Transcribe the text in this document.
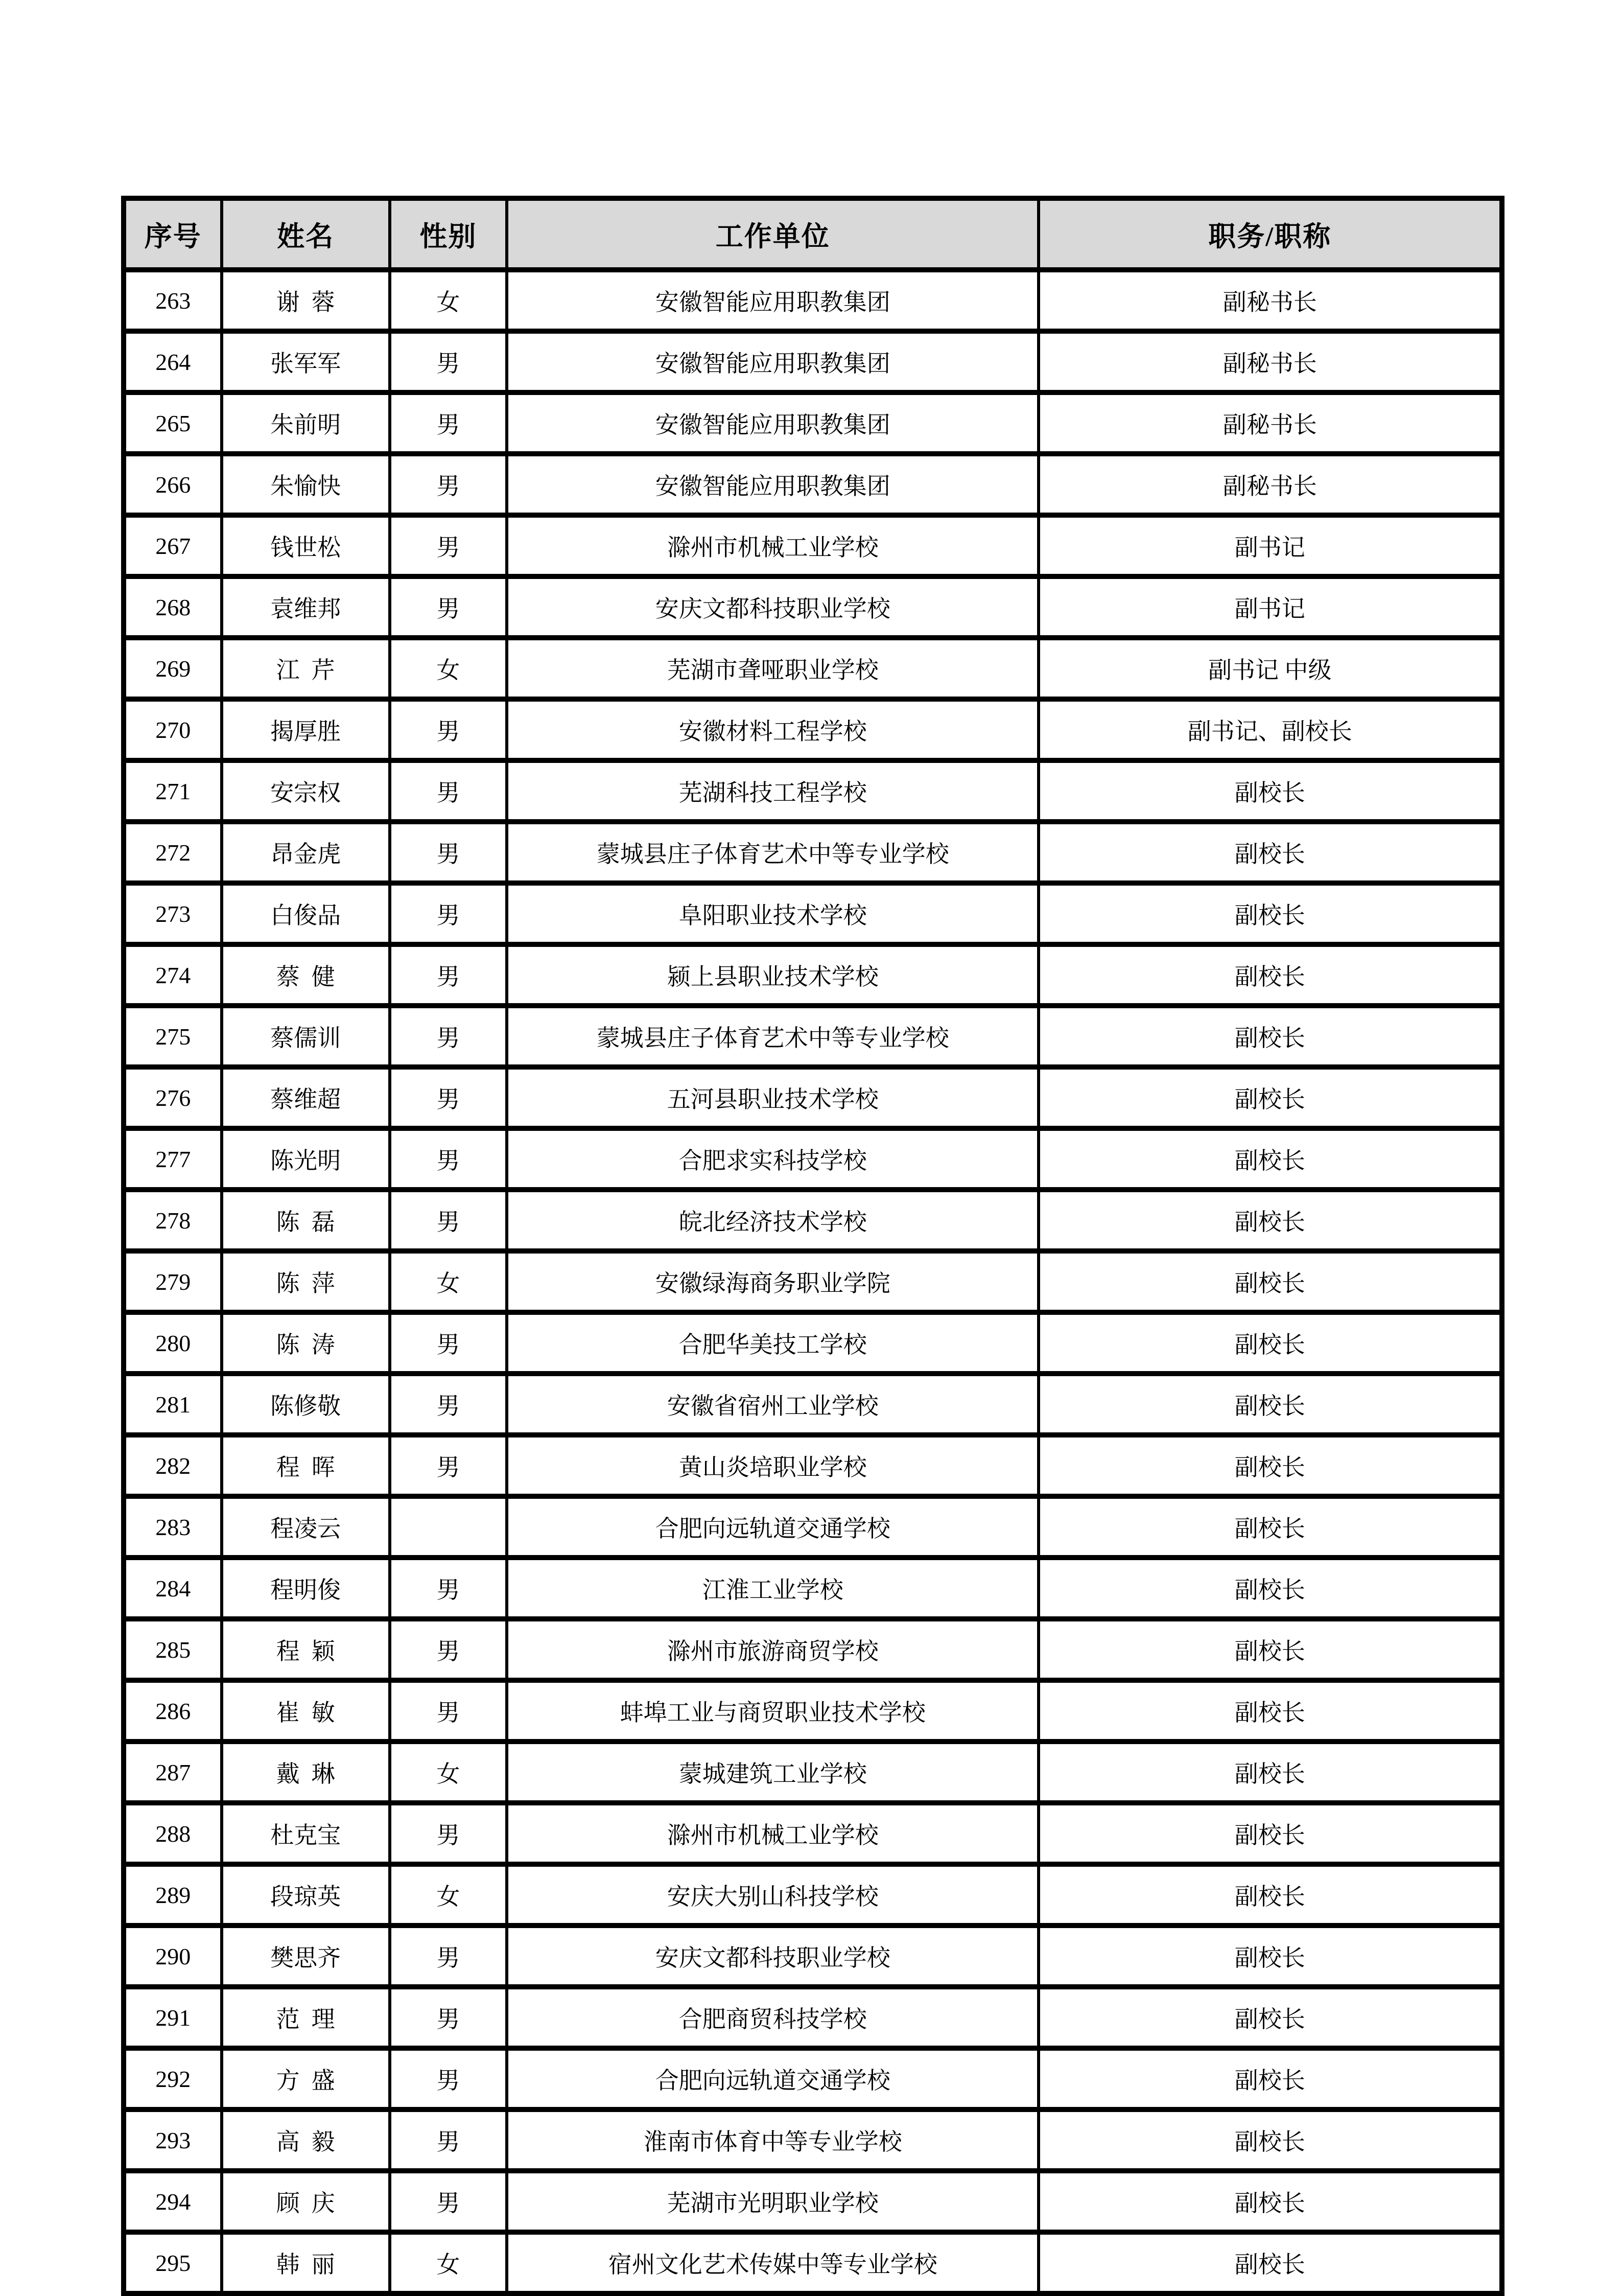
序号	姓名	性别	工作单位	职务/职称
263	谢蓉	女	安徽智能应用职教集团	副秘书长
264	张军军	男	安徽智能应用职教集团	副秘书长
265	朱前明	男	安徽智能应用职教集团	副秘书长
266	朱愉快	男	安徽智能应用职教集团	副秘书长
267	钱世松	男	滁州市机械工业学校	副书记
268	袁维邦	男	安庆文都科技职业学校	副书记
269	江芹	女	芜湖市聋哑职业学校	副书记 中级
270	揭厚胜	男	安徽材料工程学校	副书记、副校长
271	安宗权	男	芜湖科技工程学校	副校长
272	昂金虎	男	蒙城县庄子体育艺术中等专业学校	副校长
273	白俊品	男	阜阳职业技术学校	副校长
274	蔡健	男	颍上县职业技术学校	副校长
275	蔡儒训	男	蒙城县庄子体育艺术中等专业学校	副校长
276	蔡维超	男	五河县职业技术学校	副校长
277	陈光明	男	合肥求实科技学校	副校长
278	陈磊	男	皖北经济技术学校	副校长
279	陈萍	女	安徽绿海商务职业学院	副校长
280	陈涛	男	合肥华美技工学校	副校长
281	陈修敬	男	安徽省宿州工业学校	副校长
282	程晖	男	黄山炎培职业学校	副校长
283	程凌云		合肥向远轨道交通学校	副校长
284	程明俊	男	江淮工业学校	副校长
285	程颖	男	滁州市旅游商贸学校	副校长
286	崔敏	男	蚌埠工业与商贸职业技术学校	副校长
287	戴琳	女	蒙城建筑工业学校	副校长
288	杜克宝	男	滁州市机械工业学校	副校长
289	段琼英	女	安庆大别山科技学校	副校长
290	樊思齐	男	安庆文都科技职业学校	副校长
291	范理	男	合肥商贸科技学校	副校长
292	方盛	男	合肥向远轨道交通学校	副校长
293	高毅	男	淮南市体育中等专业学校	副校长
294	顾庆	男	芜湖市光明职业学校	副校长
295	韩丽	女	宿州文化艺术传媒中等专业学校	副校长
